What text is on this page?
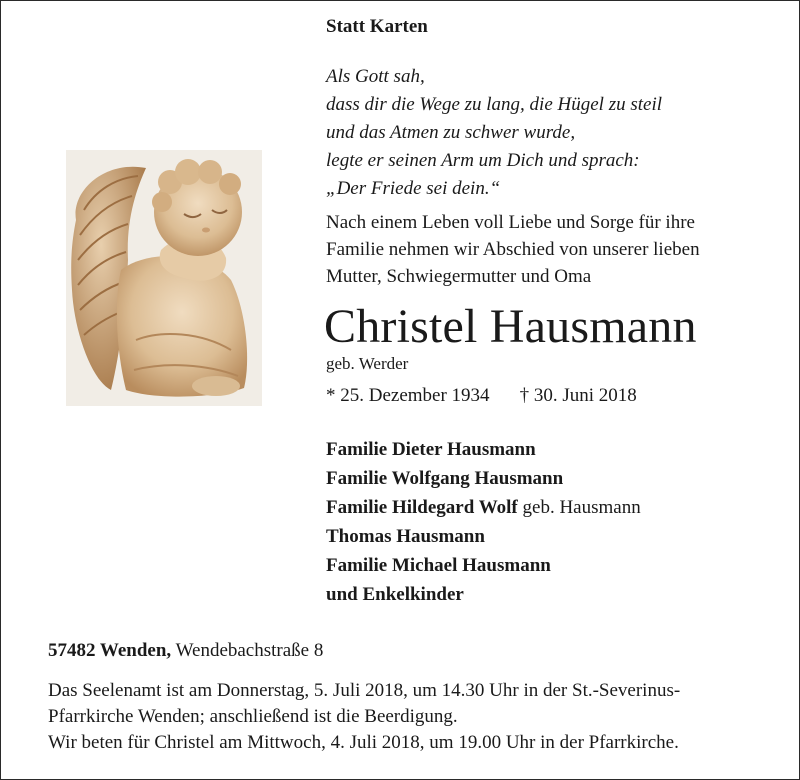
Statt Karten
Als Gott sah,
dass dir die Wege zu lang, die Hügel zu steil
und das Atmen zu schwer wurde,
legte er seinen Arm um Dich und sprach:
„Der Friede sei dein.“
Nach einem Leben voll Liebe und Sorge für ihre
Familie nehmen wir Abschied von unserer lieben
Mutter, Schwiegermutter und Oma
Christel Hausmann
geb. Werder
* 25. Dezember 1934 † 30. Juni 2018
Familie Dieter Hausmann
Familie Wolfgang Hausmann
Familie Hildegard Wolf geb. Hausmann
Thomas Hausmann
Familie Michael Hausmann
und Enkelkinder
57482 Wenden, Wendebachstraße 8
Das Seelenamt ist am Donnerstag, 5. Juli 2018, um 14.30 Uhr in der St.-Severinus-
Pfarrkirche Wenden; anschließend ist die Beerdigung.
Wir beten für Christel am Mittwoch, 4. Juli 2018, um 19.00 Uhr in der Pfarrkirche.
